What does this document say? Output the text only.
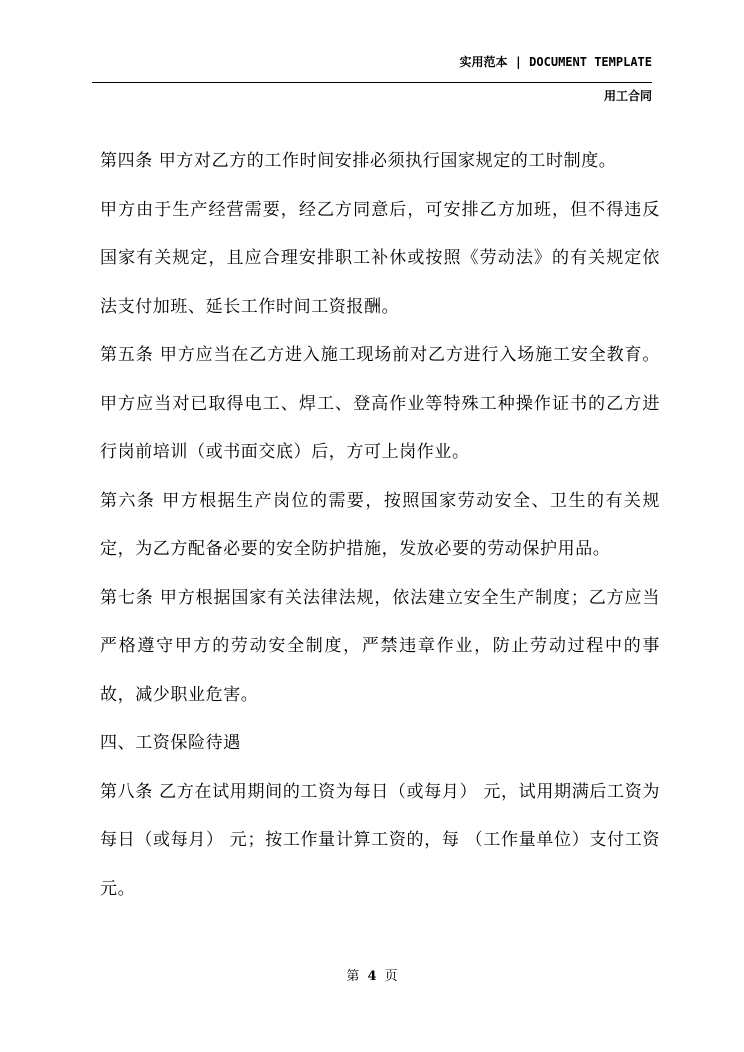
实用范本 | DOCUMENT TEMPLATE
用工合同

第四条 甲方对乙方的工作时间安排必须执行国家规定的工时制度。

甲方由于生产经营需要，经乙方同意后，可安排乙方加班，但不得违反国家有关规定，且应合理安排职工补休或按照《劳动法》的有关规定依法支付加班、延长工作时间工资报酬。

第五条 甲方应当在乙方进入施工现场前对乙方进行入场施工安全教育。甲方应当对已取得电工、焊工、登高作业等特殊工种操作证书的乙方进行岗前培训（或书面交底）后，方可上岗作业。

第六条 甲方根据生产岗位的需要，按照国家劳动安全、卫生的有关规定，为乙方配备必要的安全防护措施，发放必要的劳动保护用品。

第七条 甲方根据国家有关法律法规，依法建立安全生产制度；乙方应当严格遵守甲方的劳动安全制度，严禁违章作业，防止劳动过程中的事故，减少职业危害。

四、工资保险待遇

第八条 乙方在试用期间的工资为每日（或每月） 元，试用期满后工资为每日（或每月） 元；按工作量计算工资的，每 （工作量单位）支付工资 元。

第 4 页
